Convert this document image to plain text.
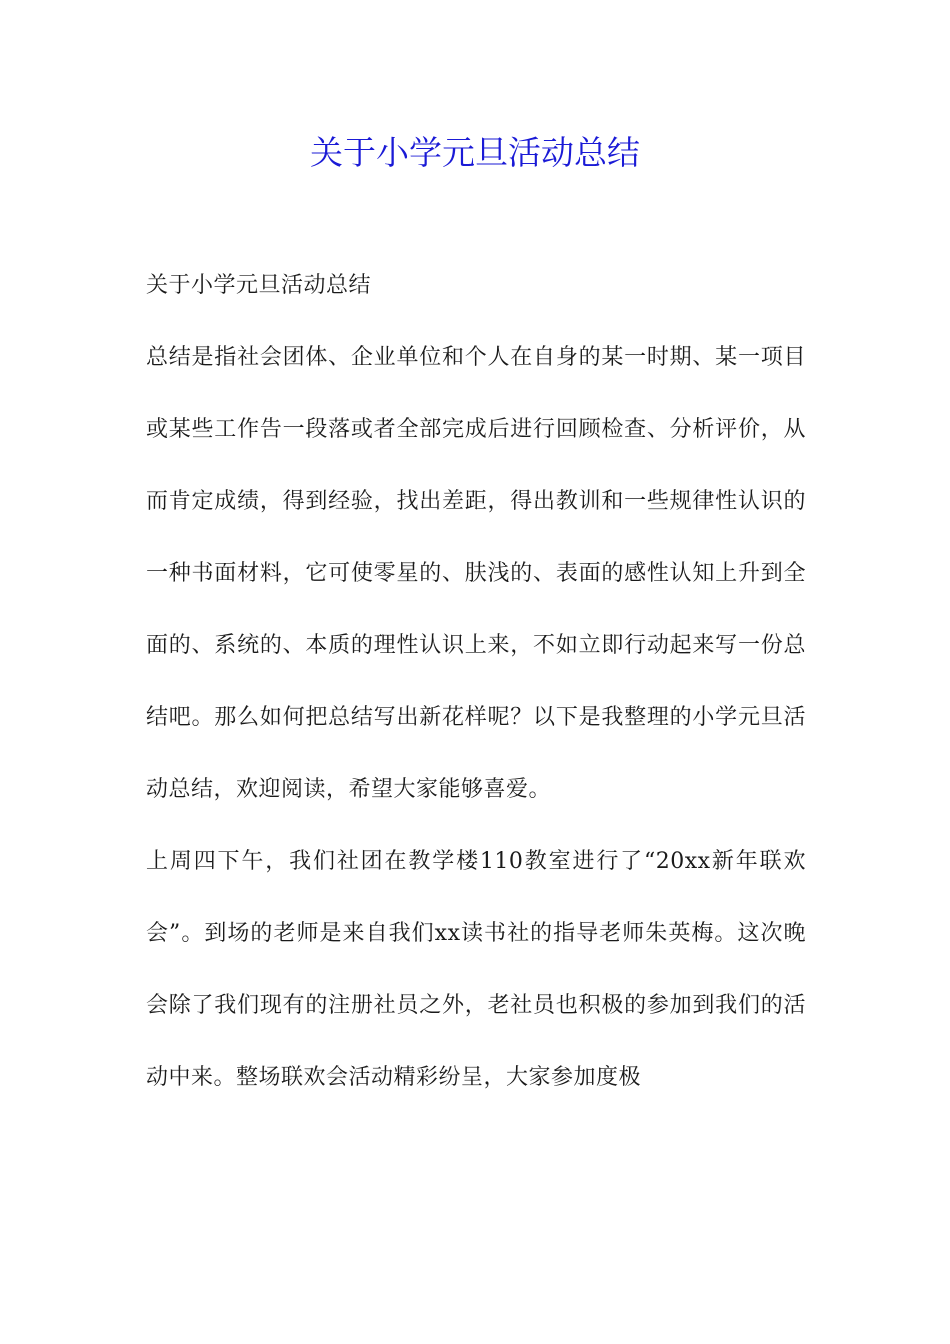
关于小学元旦活动总结

关于小学元旦活动总结

总结是指社会团体、企业单位和个人在自身的某一时期、某一项目或某些工作告一段落或者全部完成后进行回顾检查、分析评价，从而肯定成绩，得到经验，找出差距，得出教训和一些规律性认识的一种书面材料，它可使零星的、肤浅的、表面的感性认知上升到全面的、系统的、本质的理性认识上来，不如立即行动起来写一份总结吧。那么如何把总结写出新花样呢？以下是我整理的小学元旦活动总结，欢迎阅读，希望大家能够喜爱。

上周四下午，我们社团在教学楼110教室进行了“20xx新年联欢会”。到场的老师是来自我们xx读书社的指导老师朱英梅。这次晚会除了我们现有的注册社员之外，老社员也积极的参加到我们的活动中来。整场联欢会活动精彩纷呈，大家参加度极
